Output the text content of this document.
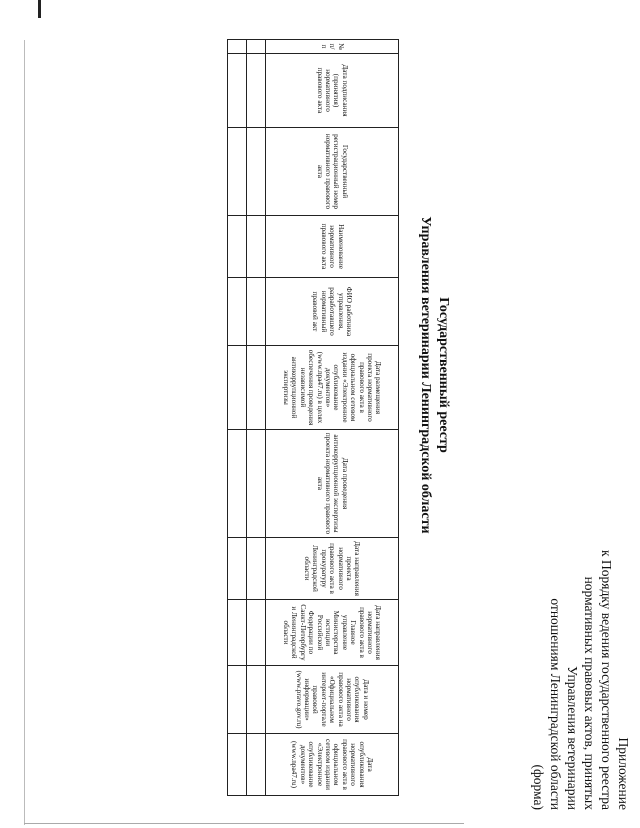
Приложение
к Порядку ведения государственного реестра
нормативных правовых актов, принятых
Управления ветеринарии
отношениям Ленинградской области
(форма)
Государственный реестр
Управления ветеринарии Ленинградской области
№ п/п	Дата подписания (принятия) нормативного правового акта	Государственный регистрационный номер нормативного правового акта	Наименование нормативного правового акта	ФИО работника управления, разработавшего нормативный правовой акт	Дата размещения проекта нормативного правового акта в официальном сетевом издании «Электронное опубликование документов» (www.npa47.ru) в целях обеспечения проведения независимой антикоррупционной экспертизы	Дата проведения антикоррупционной экспертизы проекта нормативного правового акта	Дата направления проекта нормативного правового акта в прокуратуру Ленинградской области	Дата направления нормативного правового акта в Главное управление Министерства юстиции Российской Федерации по Санкт-Петербургу и Ленинградской области	Дата и номер опубликования нормативного правового акта на «Официальном интернет-портале правовой информации» (www.pravo.gov.ru)	Дата опубликования нормативного правового акта в официальном сетевом издании «Электронное опубликование документов» (www.npa47.ru)
